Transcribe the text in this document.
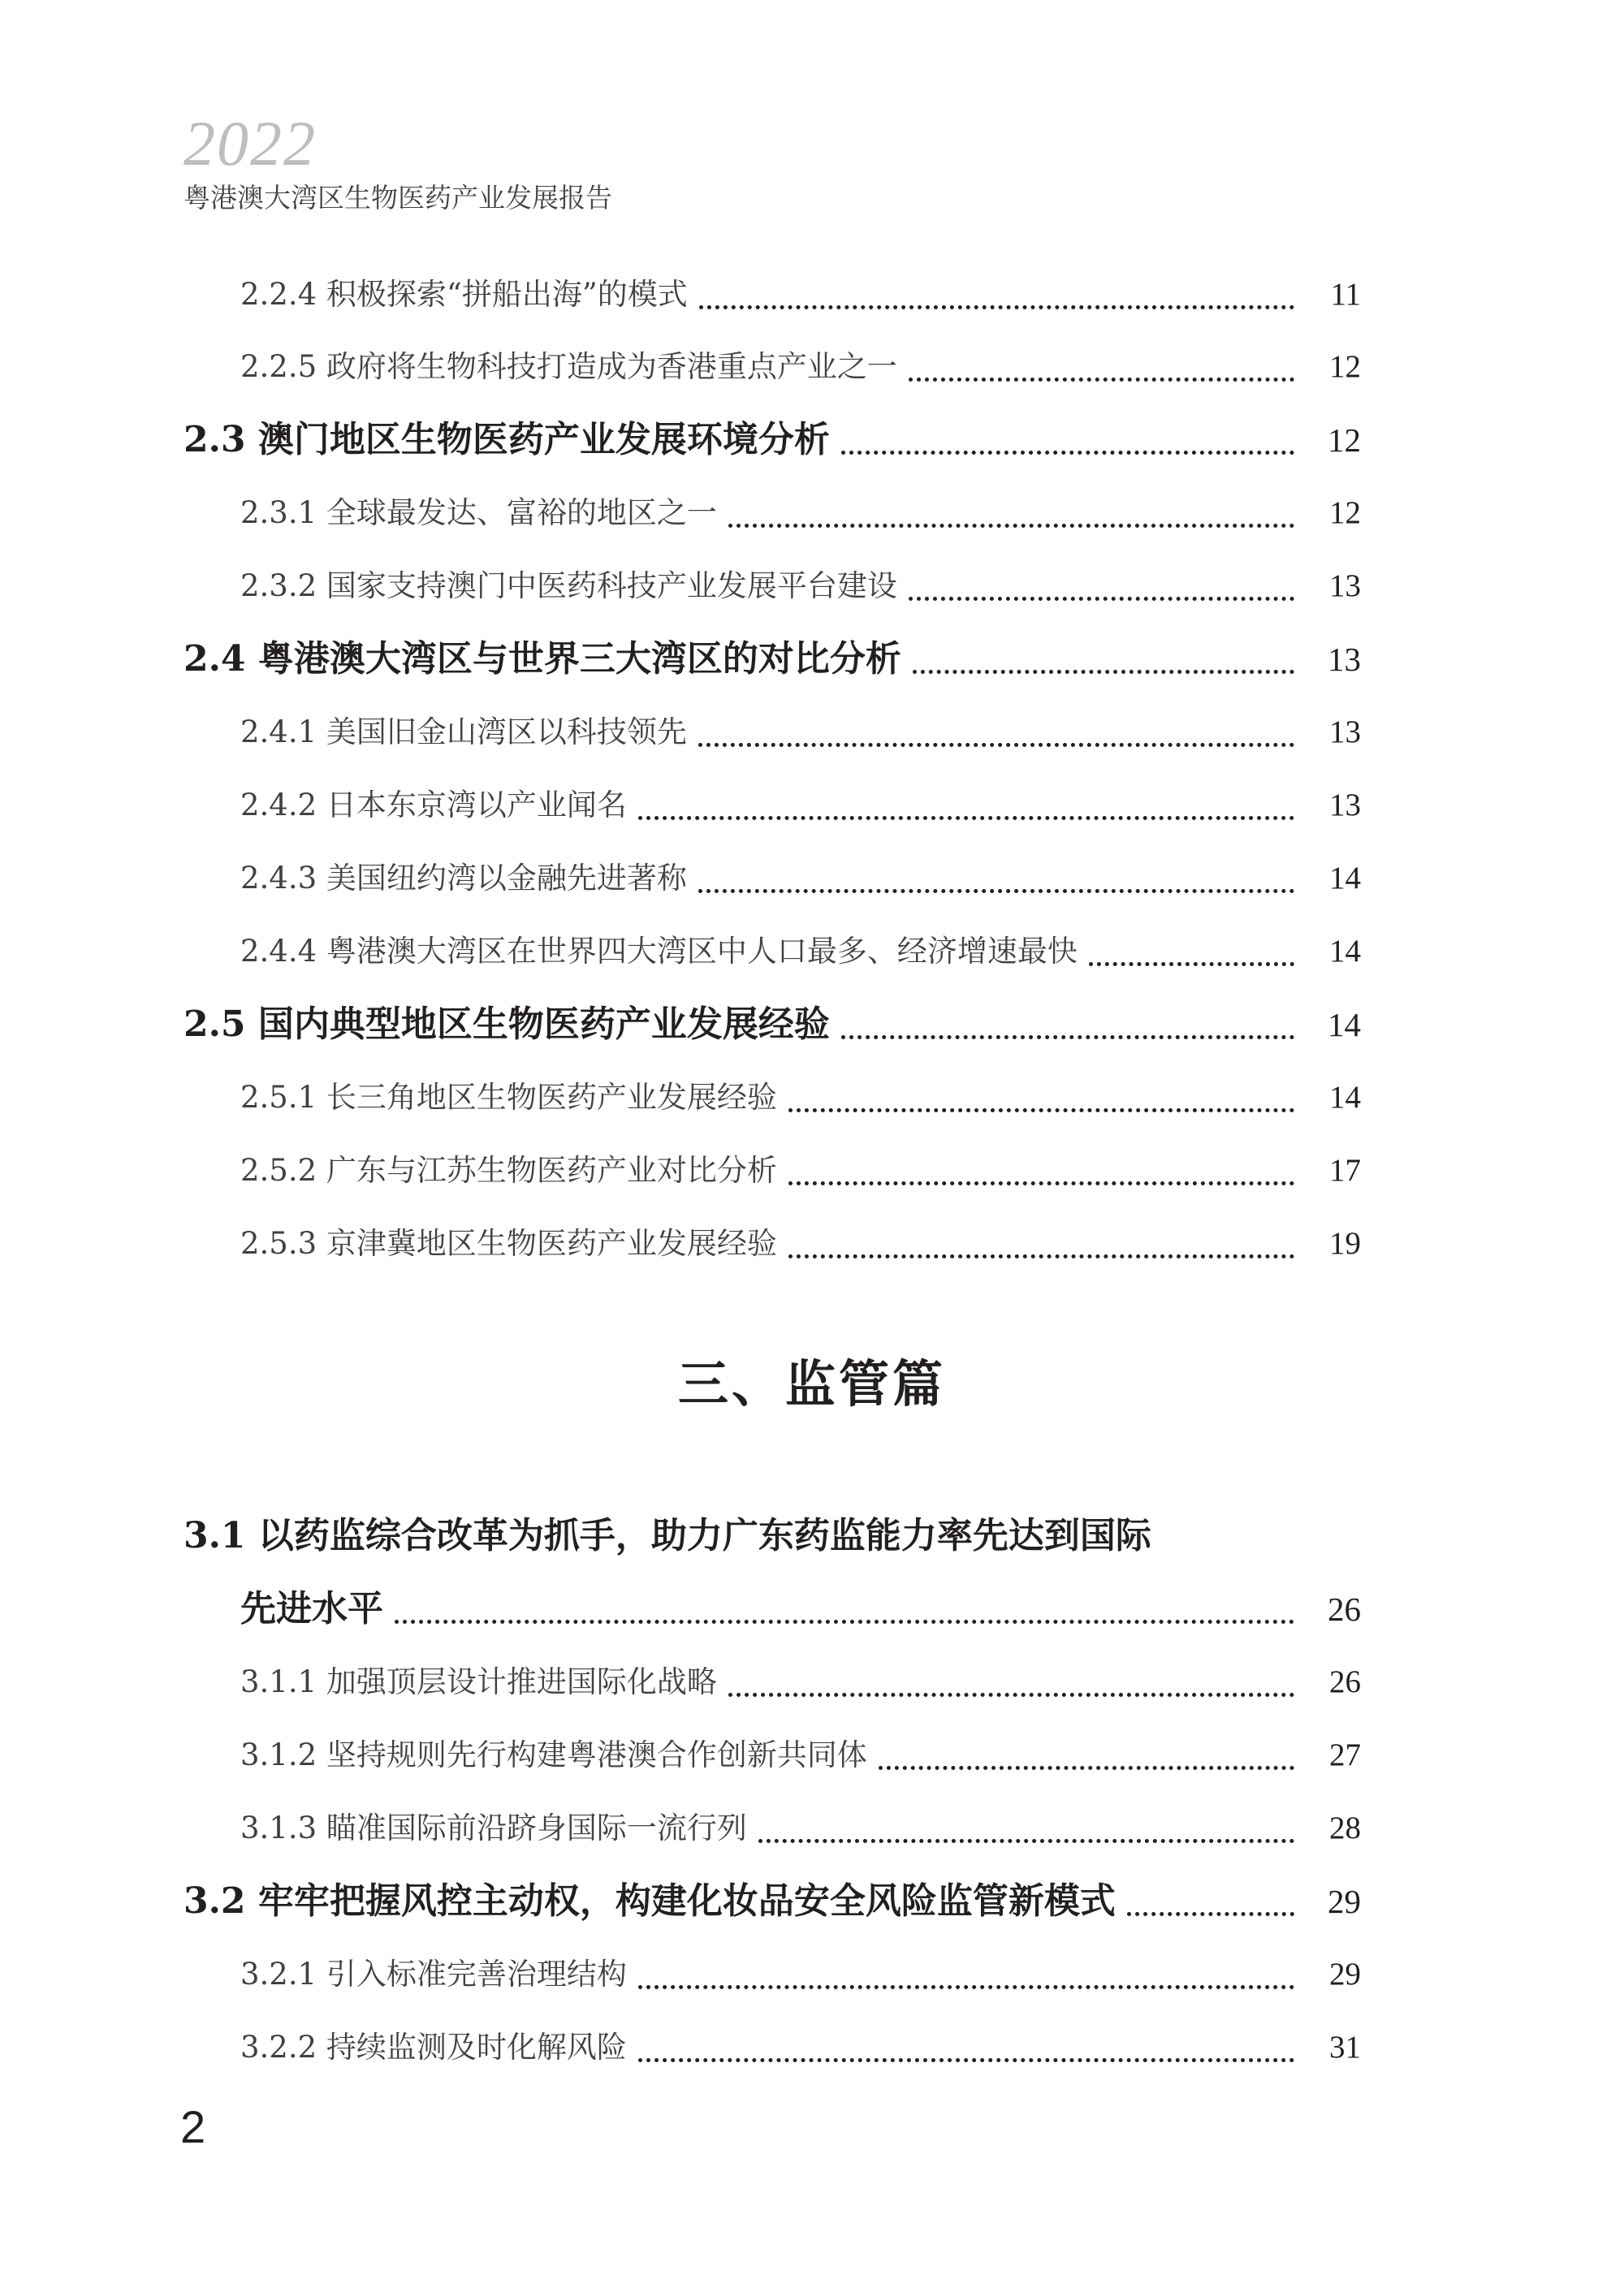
2022
粤港澳大湾区生物医药产业发展报告
2.2.4 积极探索“拼船出海”的模式	11
2.2.5 政府将生物科技打造成为香港重点产业之一	12
2.3 澳门地区生物医药产业发展环境分析	12
2.3.1 全球最发达、富裕的地区之一	12
2.3.2 国家支持澳门中医药科技产业发展平台建设	13
2.4 粤港澳大湾区与世界三大湾区的对比分析	13
2.4.1 美国旧金山湾区以科技领先	13
2.4.2 日本东京湾以产业闻名	13
2.4.3 美国纽约湾以金融先进著称	14
2.4.4 粤港澳大湾区在世界四大湾区中人口最多、经济增速最快	14
2.5 国内典型地区生物医药产业发展经验	14
2.5.1 长三角地区生物医药产业发展经验	14
2.5.2 广东与江苏生物医药产业对比分析	17
2.5.3 京津冀地区生物医药产业发展经验	19
三、监管篇
3.1 以药监综合改革为抓手，助力广东药监能力率先达到国际
先进水平	26
3.1.1 加强顶层设计推进国际化战略	26
3.1.2 坚持规则先行构建粤港澳合作创新共同体	27
3.1.3 瞄准国际前沿跻身国际一流行列	28
3.2 牢牢把握风控主动权，构建化妆品安全风险监管新模式	29
3.2.1 引入标准完善治理结构	29
3.2.2 持续监测及时化解风险	31
2
